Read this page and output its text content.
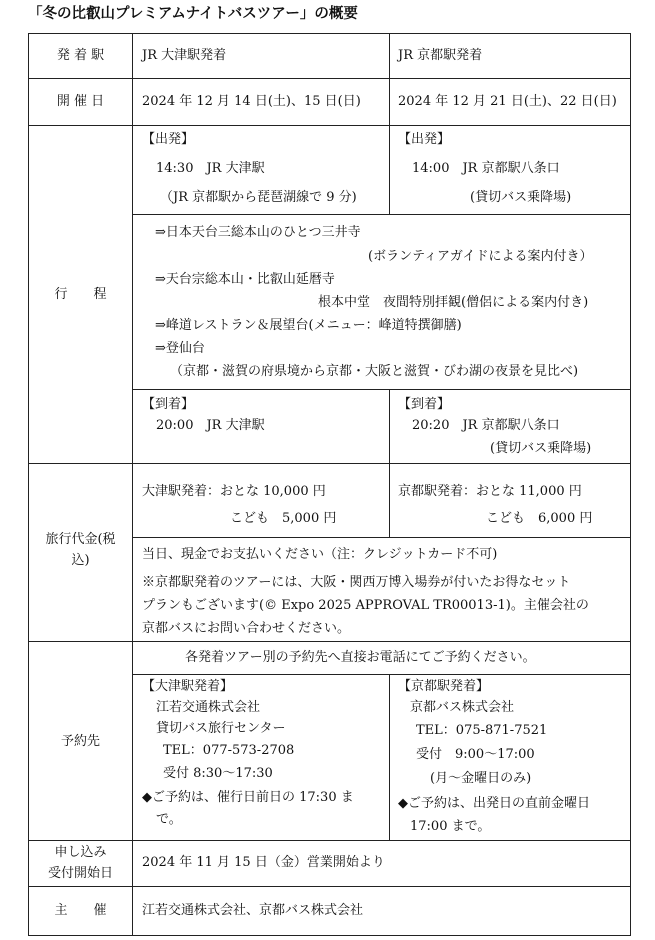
「冬の比叡山プレミアムナイトバスツアー」の概要
発 着 駅
開 催 日
行　　程
旅行代金(税
込)
予約先
申し込み
受付開始日
主　　催
JR 大津駅発着	JR 京都駅発着
2024 年 12 月 14 日(土)、15 日(日)	2024 年 12 月 21 日(土)、22 日(日)
【出発】
14:30　JR 大津駅
（JR 京都駅から琵琶湖線で 9 分)
【出発】
14:00　JR 京都駅八条口
(貸切バス乗降場)
⇒日本天台三総本山のひとつ三井寺
(ボランティアガイドによる案内付き）
⇒天台宗総本山・比叡山延暦寺
根本中堂　夜間特別拝観(僧侶による案内付き)
⇒峰道レストラン＆展望台(メニュー：峰道特撰御膳)
⇒登仙台
（京都・滋賀の府県境から京都・大阪と滋賀・びわ湖の夜景を見比べ)
【到着】
20:00　JR 大津駅
【到着】
20:20　JR 京都駅八条口
(貸切バス乗降場)
大津駅発着：おとな 10,000 円
こども　5,000 円
京都駅発着：おとな 11,000 円
こども　6,000 円
当日、現金でお支払いください（注：クレジットカード不可)
※京都駅発着のツアーには、大阪・関西万博入場券が付いたお得なセット
プランもございます(© Expo 2025 APPROVAL TR00013-1)。主催会社の
京都バスにお問い合わせください。
各発着ツアー別の予約先へ直接お電話にてご予約ください。
【大津駅発着】
江若交通株式会社
貸切バス旅行センター
TEL：077-573-2708
受付 8:30〜17:30
◆ご予約は、催行日前日の 17:30 ま
で。
【京都駅発着】
京都バス株式会社
TEL：075-871-7521
受付　9:00〜17:00
(月〜金曜日のみ)
◆ご予約は、出発日の直前金曜日
17:00 まで。
2024 年 11 月 15 日（金）営業開始より
江若交通株式会社、京都バス株式会社
